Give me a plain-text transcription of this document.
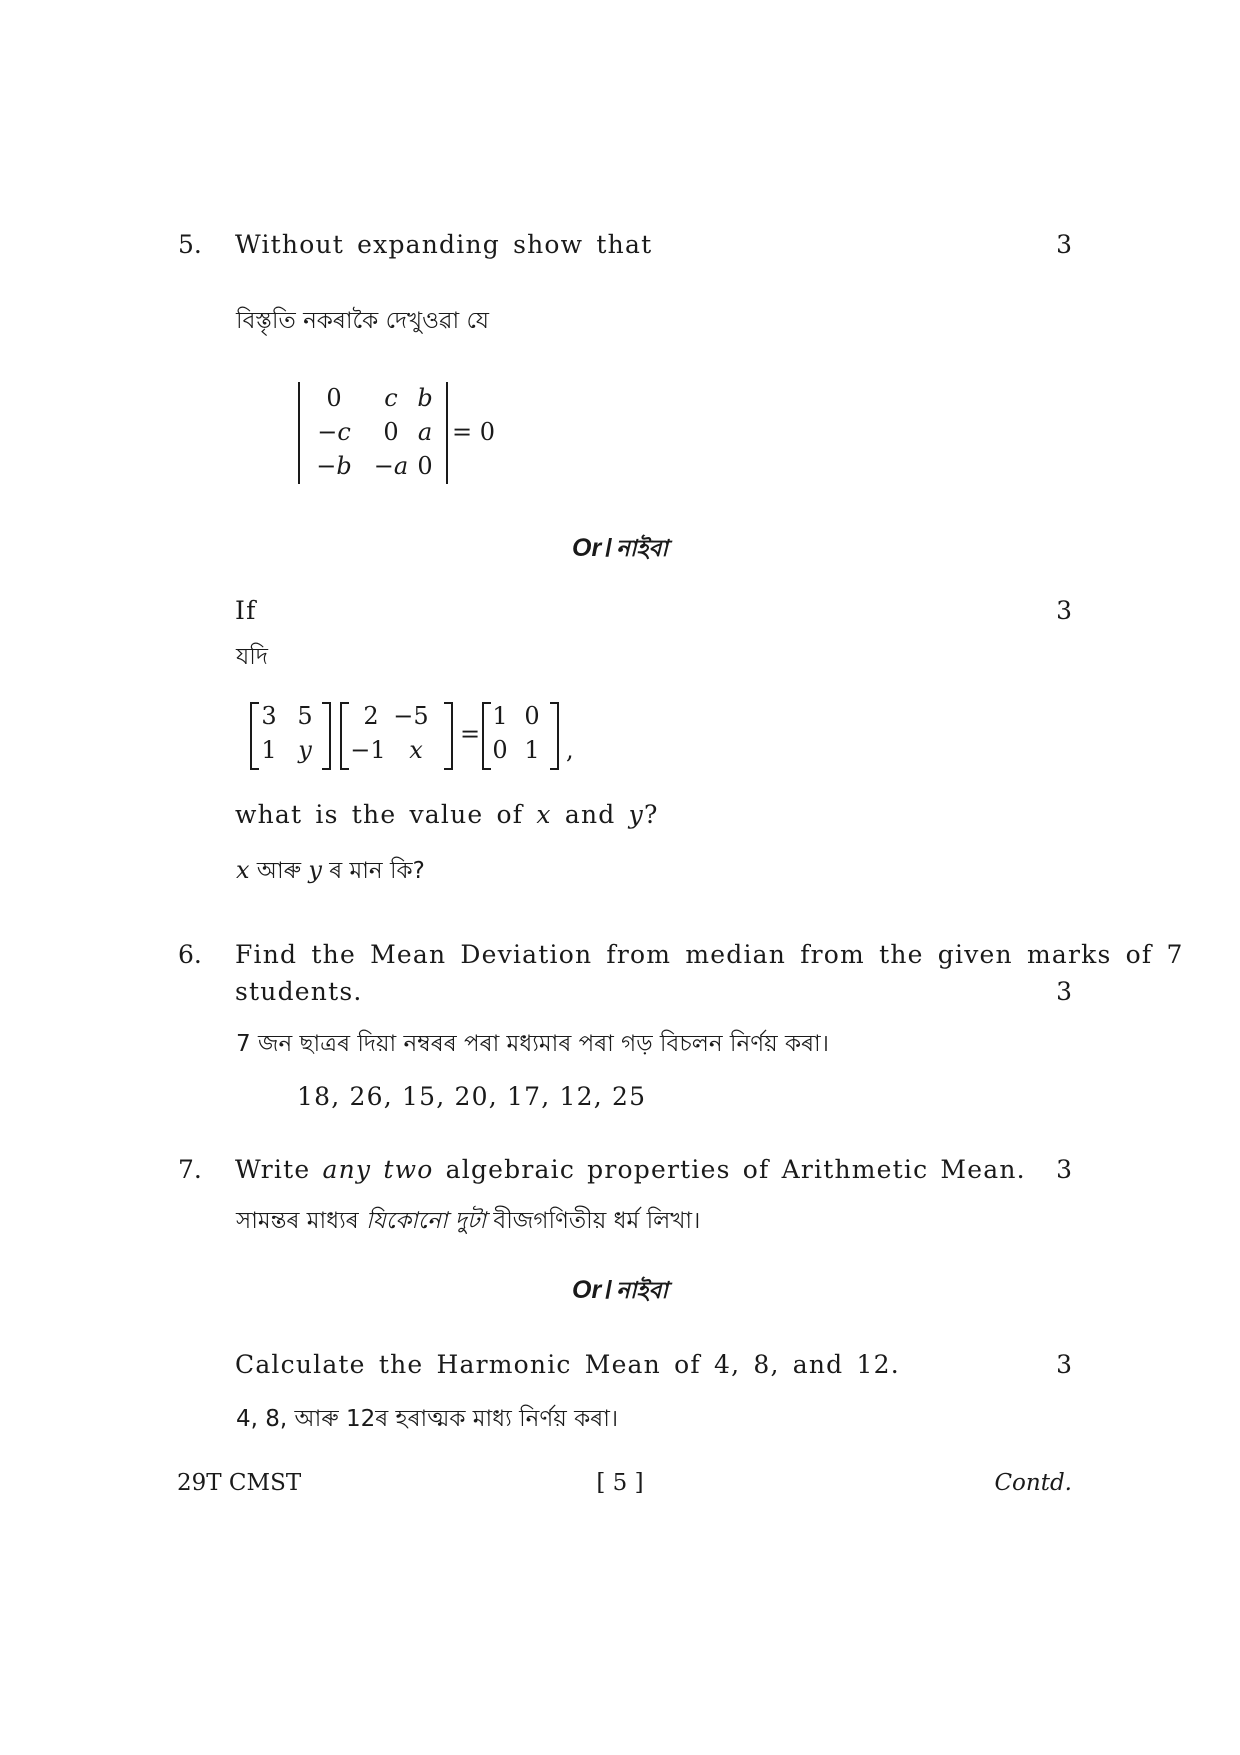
5. Without expanding show that	3
বিস্তৃতি নকৰাকৈ দেখুওৱা যে
0	c b
−c	0 a
−b −a 0
= 0
Or / নাইবা
If	3
যদি
3 5
1 y
2 −5
−1 x
=
1 0
0 1	,
what is the value of x and y?
x আৰু y ৰ মান কি?
6. Find the Mean Deviation from median from the given marks of 7
students.	3
7 জন ছাত্ৰৰ দিয়া নম্বৰৰ পৰা মধ্যমাৰ পৰা গড় বিচলন নিৰ্ণয় কৰা।
18, 26, 15, 20, 17, 12, 25
7. Write any two algebraic properties of Arithmetic Mean.	3
সামন্তৰ মাধ্যৰ যিকোনো দুটা বীজগণিতীয় ধৰ্ম লিখা।
Or / নাইবা
Calculate the Harmonic Mean of 4, 8, and 12.	3
4, 8, আৰু 12ৰ হৰাত্মক মাধ্য নিৰ্ণয় কৰা।
29T CMST	[ 5 ]	Contd.
